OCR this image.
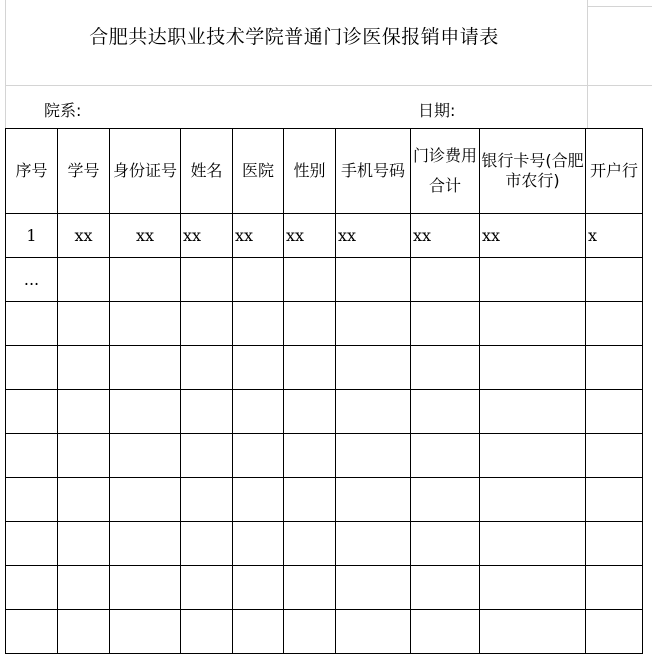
合肥共达职业技术学院普通门诊医保报销申请表
院系:	日期:
序号	学号	身份证号	姓名	医院	性别	手机号码	门诊费用合计	银行卡号(合肥市农行)	开户行
1	xx	xx	xx	xx	xx	xx	xx	xx	x
...									
